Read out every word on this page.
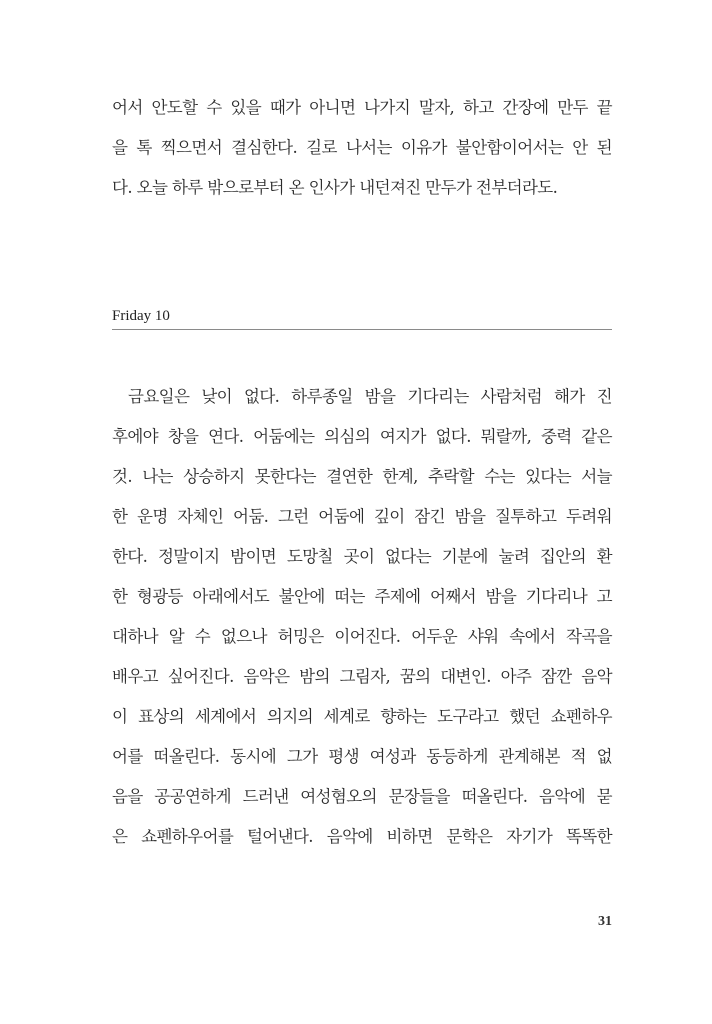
어서 안도할 수 있을 때가 아니면 나가지 말자, 하고 간장에 만두 끝
을 톡 찍으면서 결심한다. 길로 나서는 이유가 불안함이어서는 안 된
다. 오늘 하루 밖으로부터 온 인사가 내던져진 만두가 전부더라도.
Friday 10
금요일은 낮이 없다. 하루종일 밤을 기다리는 사람처럼 해가 진
후에야 창을 연다. 어둠에는 의심의 여지가 없다. 뭐랄까, 중력 같은
것. 나는 상승하지 못한다는 결연한 한계, 추락할 수는 있다는 서늘
한 운명 자체인 어둠. 그런 어둠에 깊이 잠긴 밤을 질투하고 두려워
한다. 정말이지 밤이면 도망칠 곳이 없다는 기분에 눌려 집안의 환
한 형광등 아래에서도 불안에 떠는 주제에 어째서 밤을 기다리나 고
대하나 알 수 없으나 허밍은 이어진다. 어두운 샤워 속에서 작곡을
배우고 싶어진다. 음악은 밤의 그림자, 꿈의 대변인. 아주 잠깐 음악
이 표상의 세계에서 의지의 세계로 향하는 도구라고 했던 쇼펜하우
어를 떠올린다. 동시에 그가 평생 여성과 동등하게 관계해본 적 없
음을 공공연하게 드러낸 여성혐오의 문장들을 떠올린다. 음악에 묻
은 쇼펜하우어를 털어낸다. 음악에 비하면 문학은 자기가 똑똑한
31
